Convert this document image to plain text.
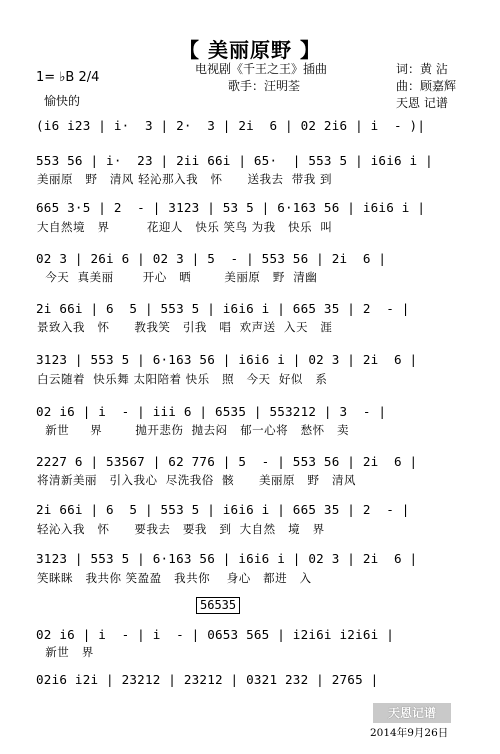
【 美丽原野 】
电视剧《千王之王》插曲
歌手：汪明荃
词：黄 沾
曲：顾嘉辉
天恩 记谱
1= ♭B 2/4
愉快的
(i6 i23 | i·  3 | 2·  3 | 2i  6 | 02 2i6 | i  - )|
553 56 | i·  23 | 2ii 66i | 65·  | 553 5 | i6i6 i |
美丽原   野   清风 轻沁那入我   怀      送我去  带我 到
665 3·5 | 2  - | 3123 | 53 5 | 6·163 56 | i6i6 i |
大自然境   界         花迎人   快乐 笑鸟 为我   快乐  叫
02 3 | 26i 6 | 02 3 | 5  - | 553 56 | 2i  6 |
今天  真美丽       开心   晒        美丽原   野  清幽
2i 66i | 6  5 | 553 5 | i6i6 i | 665 35 | 2  - |
景致入我   怀      教我笑   引我   唱  欢声送  入天   涯
3123 | 553 5 | 6·163 56 | i6i6 i | 02 3 | 2i  6 |
白云随着  快乐舞 太阳陪着 快乐   照   今天  好似   系
02 i6 | i  - | iii 6 | 6535 | 553212 | 3  - |
新世     界        抛开悲伤  抛去闷   郁一心将   愁怀   卖
2227 6 | 53567 | 62 776 | 5  - | 553 56 | 2i  6 |
将清新美丽   引入我心  尽洗我俗  骸      美丽原   野   清风
2i 66i | 6  5 | 553 5 | i6i6 i | 665 35 | 2  - |
轻沁入我   怀      要我去   要我   到  大自然   境   界
3123 | 553 5 | 6·163 56 | i6i6 i | 02 3 | 2i  6 |
笑眯眯   我共你 笑盈盈   我共你    身心   都进   入
56535
02 i6 | i  - | i  - | 0653 565 | i2i6i i2i6i |
新世   界
02i6 i2i | 23212 | 23212 | 0321 232 | 2765 |
天恩记谱
2014年9月26日
